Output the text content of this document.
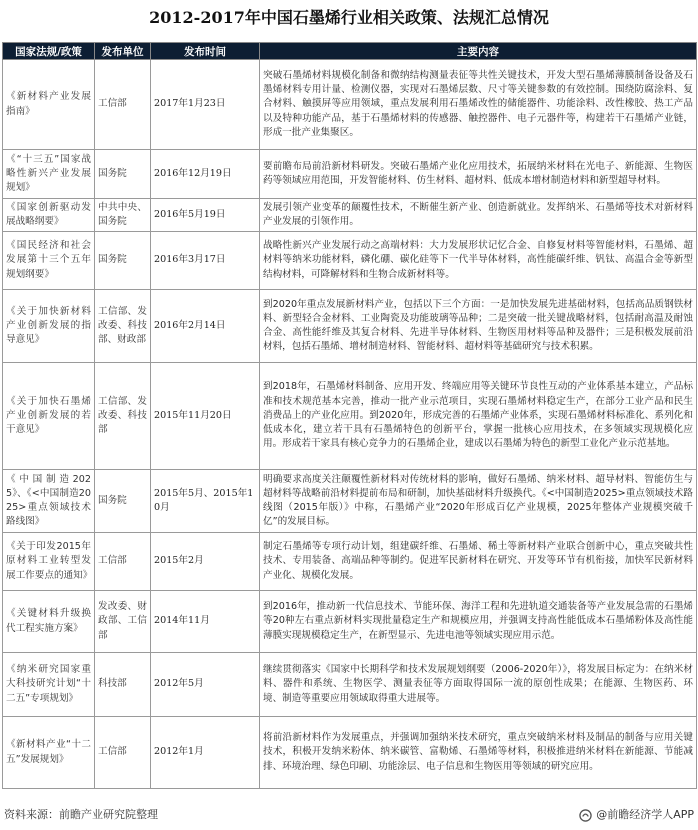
2012-2017年中国石墨烯行业相关政策、法规汇总情况
国家法规/政策	发布单位	发布时间	主要内容
《新材料产业发展指南》	工信部	2017年1月23日	突破石墨烯材料规模化制备和微纳结构测量表征等共性关键技术，开发大型石墨烯薄膜制备设备及石墨烯材料专用计量、检测仪器，实现对石墨烯层数、尺寸等关键参数的有效控制。围绕防腐涂料、复合材料、触摸屏等应用领域，重点发展利用石墨烯改性的储能器件、功能涂料、改性橡胶、热工产品以及特种功能产品，基于石墨烯材料的传感器、触控器件、电子元器件等，构建若干石墨烯产业链，形成一批产业集聚区。
《“十三五”国家战略性新兴产业发展规划》	国务院	2016年12月19日	要前瞻布局前沿新材料研发。突破石墨烯产业化应用技术，拓展纳米材料在光电子、新能源、生物医药等领域应用范围，开发智能材料、仿生材料、超材料、低成本增材制造材料和新型超导材料。
《国家创新驱动发展战略纲要》	中共中央、国务院	2016年5月19日	发展引领产业变革的颠覆性技术，不断催生新产业、创造新就业。发挥纳米、石墨烯等技术对新材料产业发展的引领作用。
《国民经济和社会发展第十三个五年规划纲要》	国务院	2016年3月17日	战略性新兴产业发展行动之高端材料：大力发展形状记忆合金、自修复材料等智能材料，石墨烯、超材料等纳米功能材料，磷化硼、碳化硅等下一代半导体材料，高性能碳纤维、钒钛、高温合金等新型结构材料，可降解材料和生物合成新材料等。
《关于加快新材料产业创新发展的指导意见》	工信部、发改委、科技部、财政部	2016年2月14日	到2020年重点发展新材料产业，包括以下三个方面：一是加快发展先进基础材料，包括高品质钢铁材料、新型轻合金材料、工业陶瓷及功能玻璃等品种；二是突破一批关键战略材料，包括耐高温及耐蚀合金、高性能纤维及其复合材料、先进半导体材料、生物医用材料等品种及器件；三是积极发展前沿材料，包括石墨烯、增材制造材料、智能材料、超材料等基础研究与技术积累。
《关于加快石墨烯产业创新发展的若干意见》	工信部、发改委、科技部	2015年11月20日	到2018年，石墨烯材料制备、应用开发、终端应用等关键环节良性互动的产业体系基本建立，产品标准和技术规范基本完善，推动一批产业示范项目，实现石墨烯材料稳定生产，在部分工业产品和民生消费品上的产业化应用。到2020年，形成完善的石墨烯产业体系，实现石墨烯材料标准化、系列化和低成本化，建立若干具有石墨烯特色的创新平台，掌握一批核心应用技术，在多领域实现规模化应用。形成若干家具有核心竞争力的石墨烯企业，建成以石墨烯为特色的新型工业化产业示范基地。
《中国制造2025》、《<中国制造2025>重点领域技术路线图》	国务院	2015年5月、2015年10月	明确要求高度关注颠覆性新材料对传统材料的影响，做好石墨烯、纳米材料、超导材料、智能仿生与超材料等战略前沿材料提前布局和研制，加快基础材料升级换代。《<中国制造2025>重点领域技术路线图（2015年版）》中称，石墨烯产业“2020年形成百亿产业规模，2025年整体产业规模突破千亿”的发展目标。
《关于印发2015年原材料工业转型发展工作要点的通知》	工信部	2015年2月	制定石墨烯等专项行动计划，组建碳纤维、石墨烯、稀土等新材料产业联合创新中心，重点突破共性技术、专用装备、高端品种等制约。促进军民新材料在研究、开发等环节有机衔接，加快军民新材料产业化、规模化发展。
《关键材料升级换代工程实施方案》	发改委、财政部、工信部	2014年11月	到2016年，推动新一代信息技术、节能环保、海洋工程和先进轨道交通装备等产业发展急需的石墨烯等20种左右重点新材料实现批量稳定生产和规模应用，并强调支持高性能低成本石墨烯粉体及高性能薄膜实现规模稳定生产，在新型显示、先进电池等领域实现应用示范。
《纳米研究国家重大科技研究计划“十二五”专项规划》	科技部	2012年5月	继续贯彻落实《国家中长期科学和技术发展规划纲要（2006-2020年）》，将发展目标定为：在纳米材料、器件和系统、生物医学、测量表征等方面取得国际一流的原创性成果；在能源、生物医药、环境、制造等重要应用领域取得重大进展等。
《新材料产业“十二五”发展规划》	工信部	2012年1月	将前沿新材料作为发展重点，并强调加强纳米技术研究，重点突破纳米材料及制品的制备与应用关键技术，积极开发纳米粉体、纳米碳管、富勒烯、石墨烯等材料，积极推进纳米材料在新能源、节能减排、环境治理、绿色印刷、功能涂层、电子信息和生物医用等领域的研究应用。
资料来源：前瞻产业研究院整理	@前瞻经济学人APP
